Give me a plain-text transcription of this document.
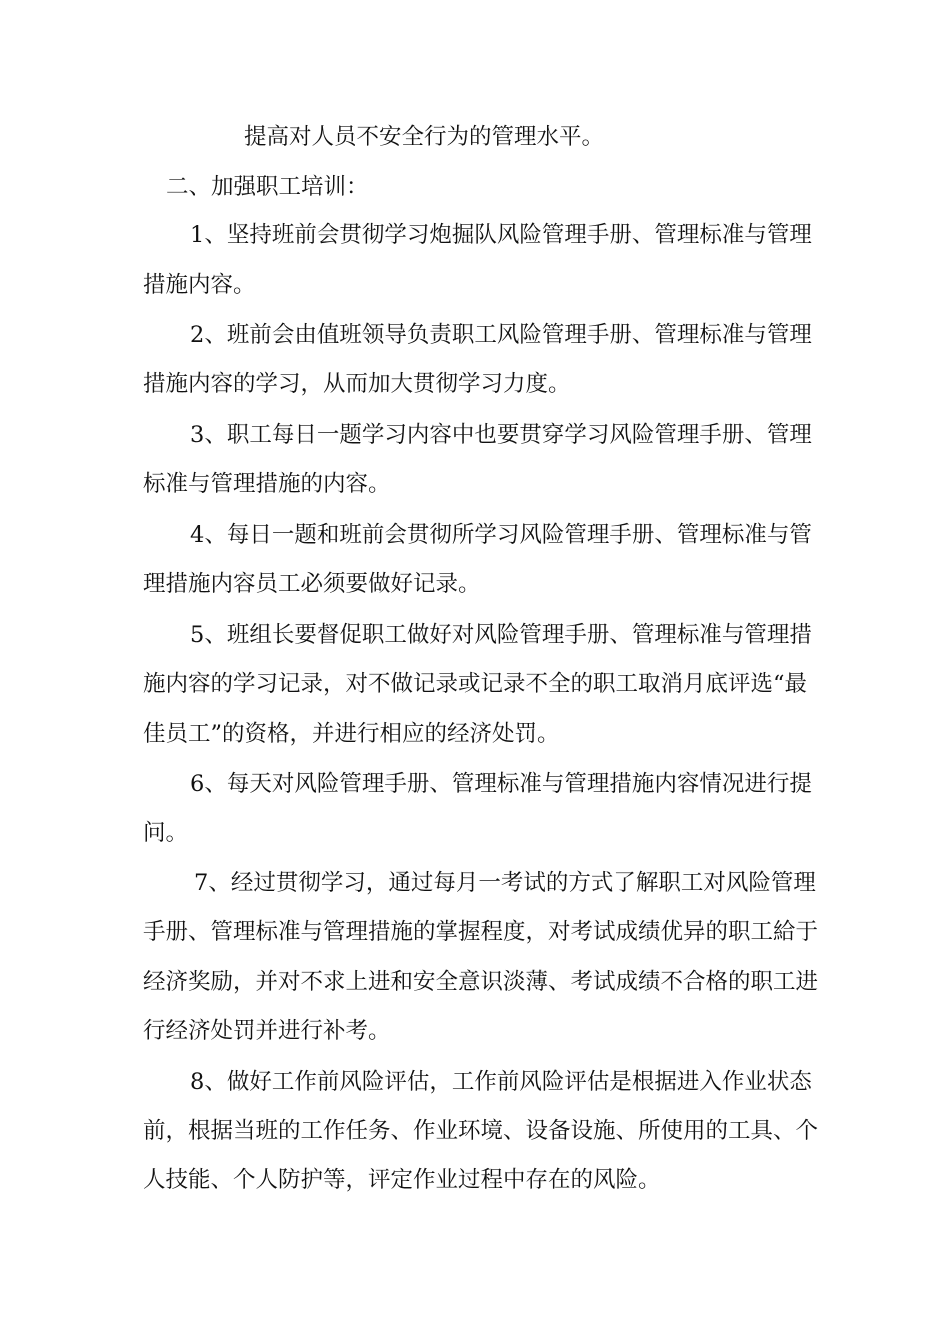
提高对人员不安全行为的管理水平。
二、加强职工培训：
1、坚持班前会贯彻学习炮掘队风险管理手册、管理标准与管理
措施内容。
2、班前会由值班领导负责职工风险管理手册、管理标准与管理
措施内容的学习，从而加大贯彻学习力度。
3、职工每日一题学习内容中也要贯穿学习风险管理手册、管理
标准与管理措施的内容。
4、每日一题和班前会贯彻所学习风险管理手册、管理标准与管
理措施内容员工必须要做好记录。
5、班组长要督促职工做好对风险管理手册、管理标准与管理措
施内容的学习记录，对不做记录或记录不全的职工取消月底评选“最
佳员工”的资格，并进行相应的经济处罚。
6、每天对风险管理手册、管理标准与管理措施内容情况进行提
问。
7、经过贯彻学习，通过每月一考试的方式了解职工对风险管理
手册、管理标准与管理措施的掌握程度，对考试成绩优异的职工給于
经济奖励，并对不求上进和安全意识淡薄、考试成绩不合格的职工进
行经济处罚并进行补考。
8、做好工作前风险评估，工作前风险评估是根据进入作业状态
前，根据当班的工作任务、作业环境、设备设施、所使用的工具、个
人技能、个人防护等，评定作业过程中存在的风险。
